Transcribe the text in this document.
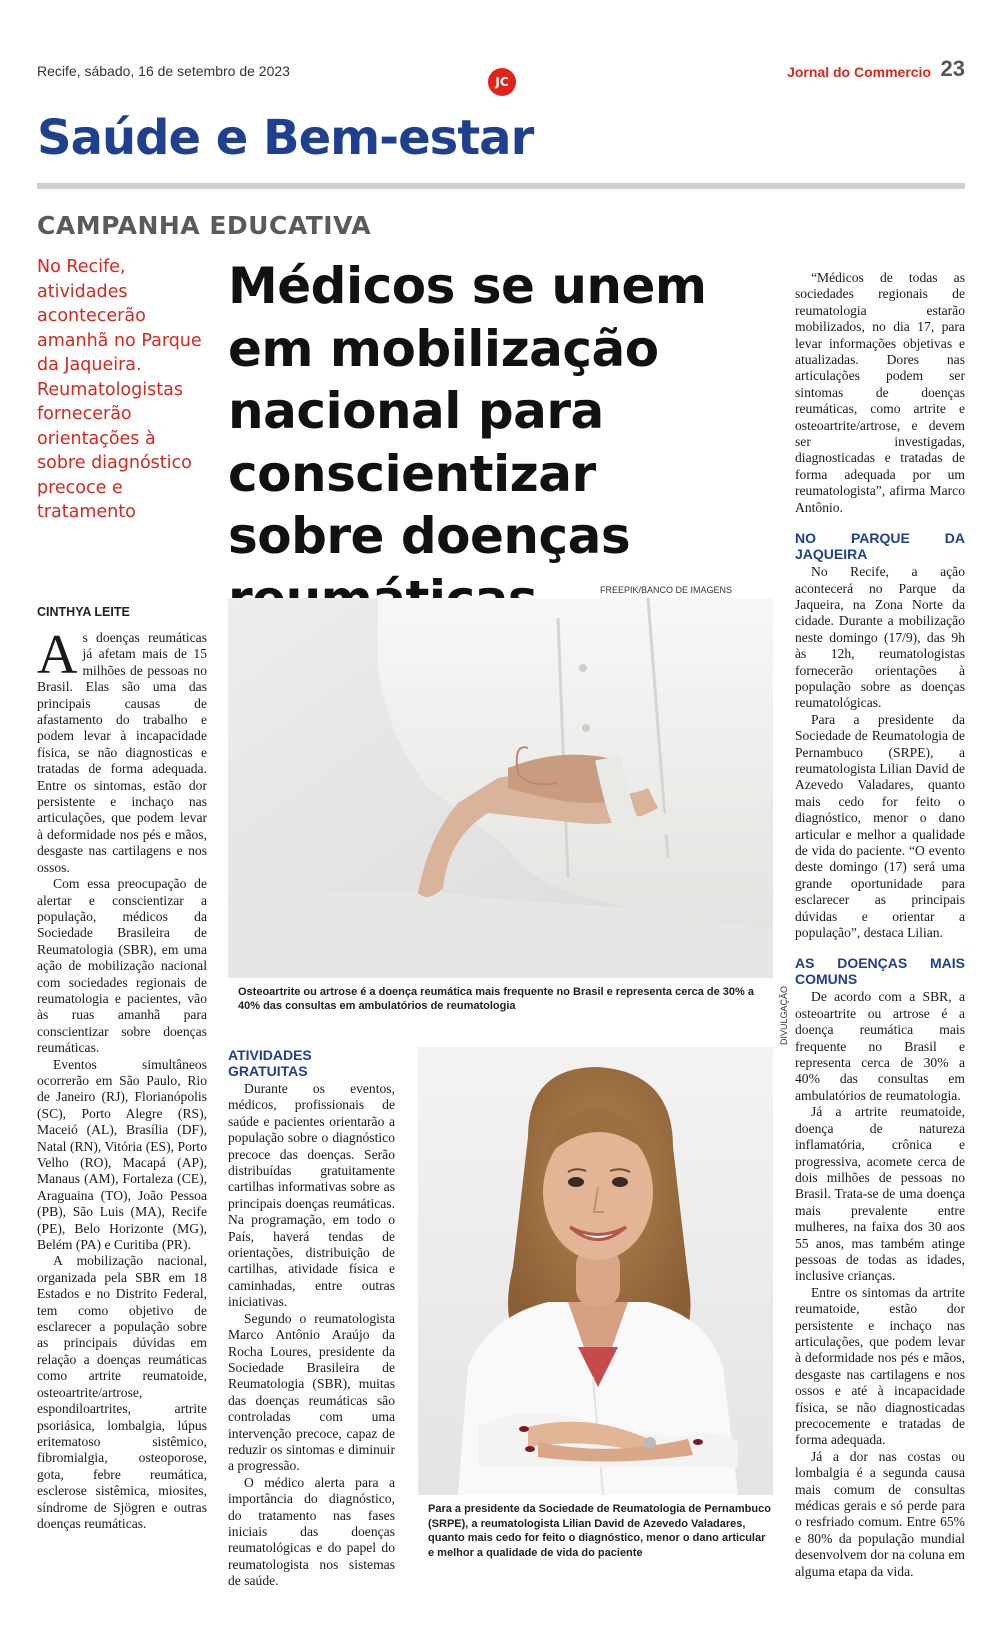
Recife, sábado, 16 de setembro de 2023
JC
Jornal do Commercio 23
Saúde e Bem-estar
CAMPANHA EDUCATIVA
No Recife, atividades acontecerão amanhã no Parque da Jaqueira. Reumatologistas fornecerão orientações à sobre diagnóstico precoce e tratamento
Médicos se unem em mobilização nacional para conscientizar sobre doenças
CINTHYA LEITE

As doenças reumáticas já afetam mais de 15 milhões de pessoas no Brasil. Elas são uma das principais causas de afastamento do trabalho e podem levar à incapacidade física, se não diagnosticas e tratadas de forma adequada. Entre os sintomas, estão dor persistente e inchaço nas articulações, que podem levar à deformidade nos pés e mãos, desgaste nas cartilagens e nos ossos.

Com essa preocupação de alertar e conscientizar a população, médicos da Sociedade Brasileira de Reumatologia (SBR), em uma ação de mobilização nacional com sociedades regionais de reumatologia e pacientes, vão às ruas amanhã para conscientizar sobre doenças reumáticas.

Eventos simultâneos ocorrerão em São Paulo, Rio de Janeiro (RJ), Florianópolis (SC), Porto Alegre (RS), Maceió (AL), Brasília (DF), Natal (RN), Vitória (ES), Porto Velho (RO), Macapá (AP), Manaus (AM), Fortaleza (CE), Araguaina (TO), João Pessoa (PB), São Luis (MA), Recife (PE), Belo Horizonte (MG), Belém (PA) e Curitiba (PR).

A mobilização nacional, organizada pela SBR em 18 Estados e no Distrito Federal, tem como objetivo de esclarecer a população sobre as principais dúvidas em relação a doenças reumáticas como artrite reumatoide, osteoartrite/artrose, espondiloartrites, artrite psoriásica, lombalgia, lúpus eritematoso sistêmico, fibromialgia, osteoporose, gota, febre reumática, esclerose sistêmica, miosites, síndrome de Sjögren e outras doenças reumáticas.

FREEPIK/BANCO DE IMAGENS
Osteoartrite ou artrose é a doença reumática mais frequente no Brasil e representa cerca de 30% a 40% das consultas em ambulatórios de reumatologia
ATIVIDADES GRATUITAS

Durante os eventos, médicos, profissionais de saúde e pacientes orientarão a população sobre o diagnóstico precoce das doenças. Serão distribuídas gratuitamente cartilhas informativas sobre as principais doenças reumáticas. Na programação, em todo o País, haverá tendas de orientações, distribuição de cartilhas, atividade física e caminhadas, entre outras iniciativas.

Segundo o reumatologista Marco Antônio Araújo da Rocha Loures, presidente da Sociedade Brasileira de Reumatologia (SBR), muitas das doenças reumáticas são controladas com uma intervenção precoce, capaz de reduzir os sintomas e diminuir a progressão.

O médico alerta para a importância do diagnóstico, do tratamento nas fases iniciais das doenças reumatológicas e do papel do reumatologista nos sistemas de saúde.

DIVULGAÇÃO
Para a presidente da Sociedade de Reumatologia de Pernambuco (SRPE), a reumatologista Lilian David de Azevedo Valadares, quanto mais cedo for feito o diagnóstico, menor o dano articular e melhor a qualidade de vida do paciente

“Médicos de todas as sociedades regionais de reumatologia estarão mobilizados, no dia 17, para levar informações objetivas e atualizadas. Dores nas articulações podem ser sintomas de doenças reumáticas, como artrite e osteoartrite/artrose, e devem ser investigadas, diagnosticadas e tratadas de forma adequada por um reumatologista”, afirma Marco Antônio.

NO PARQUE DA JAQUEIRA

No Recife, a ação acontecerá no Parque da Jaqueira, na Zona Norte da cidade. Durante a mobilização neste domingo (17/9), das 9h às 12h, reumatologistas fornecerão orientações à população sobre as doenças reumatológicas.

Para a presidente da Sociedade de Reumatologia de Pernambuco (SRPE), a reumatologista Lilian David de Azevedo Valadares, quanto mais cedo for feito o diagnóstico, menor o dano articular e melhor a qualidade de vida do paciente. “O evento deste domingo (17) será uma grande oportunidade para esclarecer as principais dúvidas e orientar a população”, destaca Lilian.

AS DOENÇAS MAIS COMUNS

De acordo com a SBR, a osteoartrite ou artrose é a doença reumática mais frequente no Brasil e representa cerca de 30% a 40% das consultas em ambulatórios de reumatologia.

Já a artrite reumatoide, doença de natureza inflamatória, crônica e progressiva, acomete cerca de dois milhões de pessoas no Brasil. Trata-se de uma doença mais prevalente entre mulheres, na faixa dos 30 aos 55 anos, mas também atinge pessoas de todas as idades, inclusive crianças.

Entre os sintomas da artrite reumatoide, estão dor persistente e inchaço nas articulações, que podem levar à deformidade nos pés e mãos, desgaste nas cartilagens e nos ossos e até à incapacidade física, se não diagnosticadas precocemente e tratadas de forma adequada.

Já a dor nas costas ou lombalgia é a segunda causa mais comum de consultas médicas gerais e só perde para o resfriado comum. Entre 65% e 80% da população mundial desenvolvem dor na coluna em alguma etapa da vida.
